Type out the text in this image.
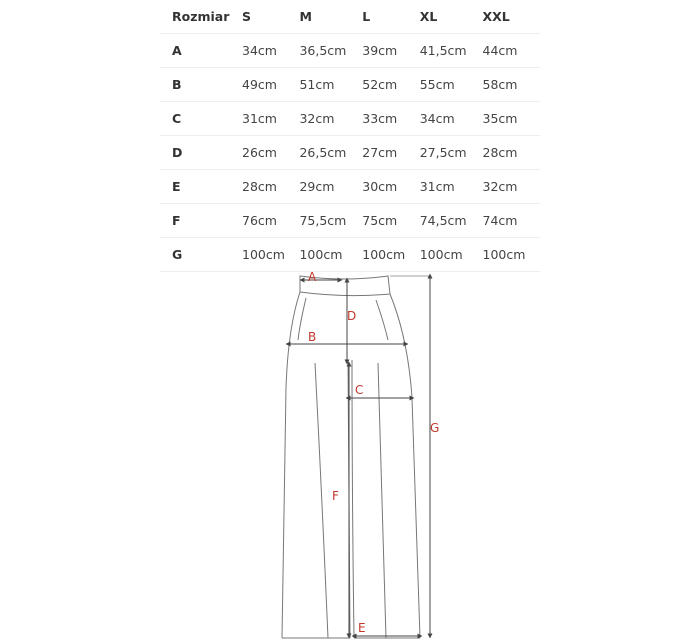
Rozmiar	S	M	L	XL	XXL
A	34cm	36,5cm	39cm	41,5cm	44cm
B	49cm	51cm	52cm	55cm	58cm
C	31cm	32cm	33cm	34cm	35cm
D	26cm	26,5cm	27cm	27,5cm	28cm
E	28cm	29cm	30cm	31cm	32cm
F	76cm	75,5cm	75cm	74,5cm	74cm
G	100cm	100cm	100cm	100cm	100cm
A
B
C
D
E
F
G
